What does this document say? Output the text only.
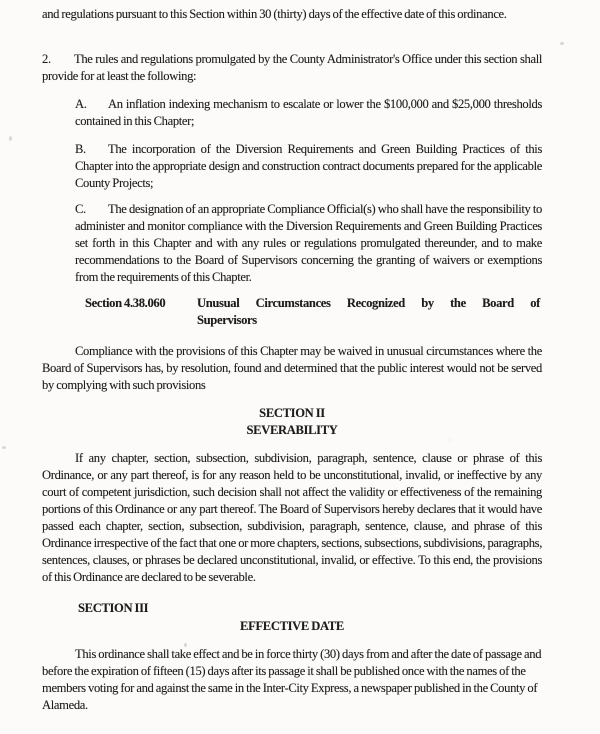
and regulations pursuant to this Section within 30 (thirty) days of the effective date of this ordinance.

2. The rules and regulations promulgated by the County Administrator's Office under this section shall provide for at least the following:

A. An inflation indexing mechanism to escalate or lower the $100,000 and $25,000 thresholds contained in this Chapter;

B. The incorporation of the Diversion Requirements and Green Building Practices of this Chapter into the appropriate design and construction contract documents prepared for the applicable County Projects;

C. The designation of an appropriate Compliance Official(s) who shall have the responsibility to administer and monitor compliance with the Diversion Requirements and Green Building Practices set forth in this Chapter and with any rules or regulations promulgated thereunder, and to make recommendations to the Board of Supervisors concerning the granting of waivers or exemptions from the requirements of this Chapter.

Section 4.38.060	Unusual Circumstances Recognized by the Board of
Supervisors

Compliance with the provisions of this Chapter may be waived in unusual circumstances where the Board of Supervisors has, by resolution, found and determined that the public interest would not be served by complying with such provisions

SECTION II
SEVERABILITY

If any chapter, section, subsection, subdivision, paragraph, sentence, clause or phrase of this Ordinance, or any part thereof, is for any reason held to be unconstitutional, invalid, or ineffective by any court of competent jurisdiction, such decision shall not affect the validity or effectiveness of the remaining portions of this Ordinance or any part thereof. The Board of Supervisors hereby declares that it would have passed each chapter, section, subsection, subdivision, paragraph, sentence, clause, and phrase of this Ordinance irrespective of the fact that one or more chapters, sections, subsections, subdivisions, paragraphs, sentences, clauses, or phrases be declared unconstitutional, invalid, or effective. To this end, the provisions of this Ordinance are declared to be severable.

SECTION III
EFFECTIVE DATE

This ordinance shall take effect and be in force thirty (30) days from and after the date of passage and before the expiration of fifteen (15) days after its passage it shall be published once with the names of the members voting for and against the same in the Inter-City Express, a newspaper published in the County of Alameda.
